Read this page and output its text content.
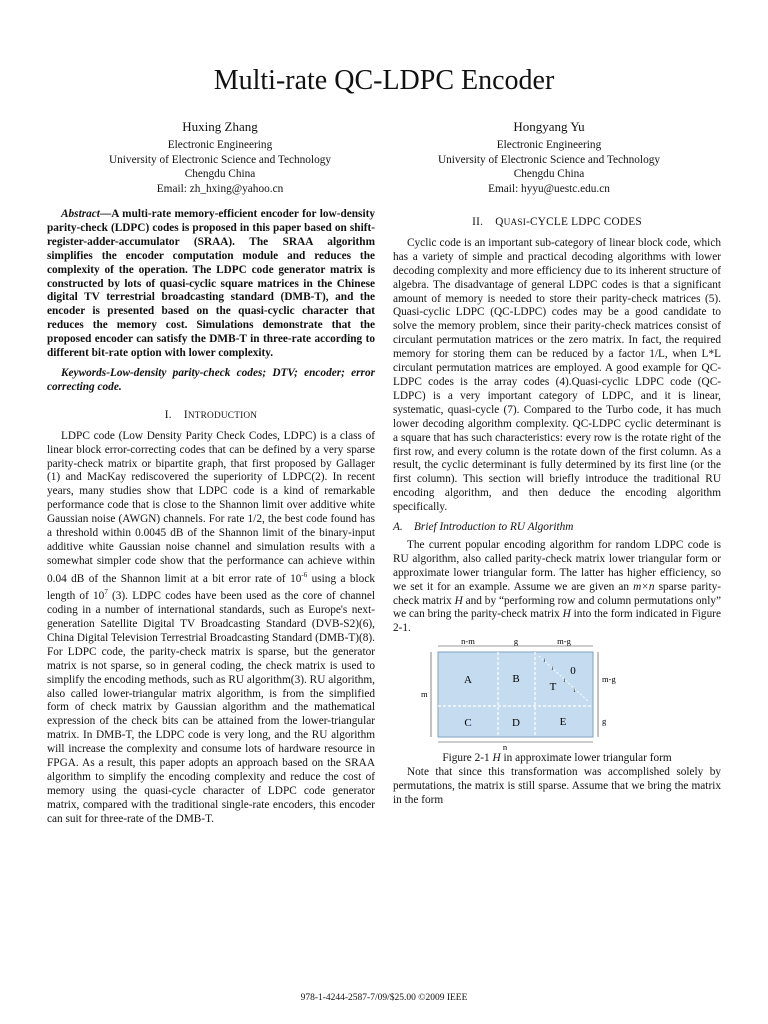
Multi-rate QC-LDPC Encoder
Huxing Zhang
Electronic Engineering
University of Electronic Science and Technology
Chengdu China
Email: zh_hxing@yahoo.cn
Hongyang Yu
Electronic Engineering
University of Electronic Science and Technology
Chengdu China
Email: hyyu@uestc.edu.cn

Abstract—A multi-rate memory-efficient encoder for low-density parity-check (LDPC) codes is proposed in this paper based on shift-register-adder-accumulator (SRAA). The SRAA algorithm simplifies the encoder computation module and reduces the complexity of the operation. The LDPC code generator matrix is constructed by lots of quasi-cyclic square matrices in the Chinese digital TV terrestrial broadcasting standard (DMB-T), and the encoder is presented based on the quasi-cyclic character that reduces the memory cost. Simulations demonstrate that the proposed encoder can satisfy the DMB-T in three-rate according to different bit-rate option with lower complexity.

Keywords-Low-density parity-check codes; DTV; encoder; error correcting code.

I. INTRODUCTION

LDPC code (Low Density Parity Check Codes, LDPC) is a class of linear block error-correcting codes that can be defined by a very sparse parity-check matrix or bipartite graph, that first proposed by Gallager (1) and MacKay rediscovered the superiority of LDPC(2). In recent years, many studies show that LDPC code is a kind of remarkable performance code that is close to the Shannon limit over additive white Gaussian noise (AWGN) channels. For rate 1/2, the best code found has a threshold within 0.0045 dB of the Shannon limit of the binary-input additive white Gaussian noise channel and simulation results with a somewhat simpler code show that the performance can achieve within 0.04 dB of the Shannon limit at a bit error rate of $10^{-6}$ using a block length of $10^7$ (3). LDPC codes have been used as the core of channel coding in a number of international standards, such as Europe's next-generation Satellite Digital TV Broadcasting Standard (DVB-S2)(6), China Digital Television Terrestrial Broadcasting Standard (DMB-T)(8). For LDPC code, the parity-check matrix is sparse, but the generator matrix is not sparse, so in general coding, the check matrix is used to simplify the encoding methods, such as RU algorithm(3). RU algorithm, also called lower-triangular matrix algorithm, is from the simplified form of check matrix by Gaussian algorithm and the mathematical expression of the check bits can be attained from the lower-triangular matrix. In DMB-T, the LDPC code is very long, and the RU algorithm will increase the complexity and consume lots of hardware resource in FPGA. As a result, this paper adopts an approach based on the SRAA algorithm to simplify the encoding complexity and reduce the cost of memory using the quasi-cycle character of LDPC code generator matrix, compared with the traditional single-rate encoders, this encoder can suit for three-rate of the DMB-T.

II. QUASI-CYCLE LDPC CODES

Cyclic code is an important sub-category of linear block code, which has a variety of simple and practical decoding algorithms with lower decoding complexity and more efficiency due to its inherent structure of algebra. The disadvantage of general LDPC codes is that a significant amount of memory is needed to store their parity-check matrices (5). Quasi-cyclic LDPC (QC-LDPC) codes may be a good candidate to solve the memory problem, since their parity-check matrices consist of circulant permutation matrices or the zero matrix. In fact, the required memory for storing them can be reduced by a factor 1/L, when L*L circulant permutation matrices are employed. A good example for QC-LDPC codes is the array codes (4).Quasi-cyclic LDPC code (QC-LDPC) is a very important category of LDPC, and it is linear, systematic, quasi-cycle (7). Compared to the Turbo code, it has much lower decoding algorithm complexity. QC-LDPC cyclic determinant is a square that has such characteristics: every row is the rotate right of the first row, and every column is the rotate down of the first column. As a result, the cyclic determinant is fully determined by its first line (or the first column). This section will briefly introduce the traditional RU encoding algorithm, and then deduce the encoding algorithm specifically.

A. Brief Introduction to RU Algorithm

The current popular encoding algorithm for random LDPC code is RU algorithm, also called parity-check matrix lower triangular form or approximate lower triangular form. The latter has higher efficiency, so we set it for an example. Assume we are given an m×n sparse parity-check matrix H and by “performing row and column permutations only” we can bring the parity-check matrix H into the form indicated in Figure 2-1.

A	B
0
T
1
1
1
1
C	D	E
n-m	g	m-g
m-g
g
m
n

Figure 2-1 H in approximate lower triangular form

Note that since this transformation was accomplished solely by permutations, the matrix is still sparse. Assume that we bring the matrix in the form

978-1-4244-2587-7/09/$25.00 ©2009 IEEE
